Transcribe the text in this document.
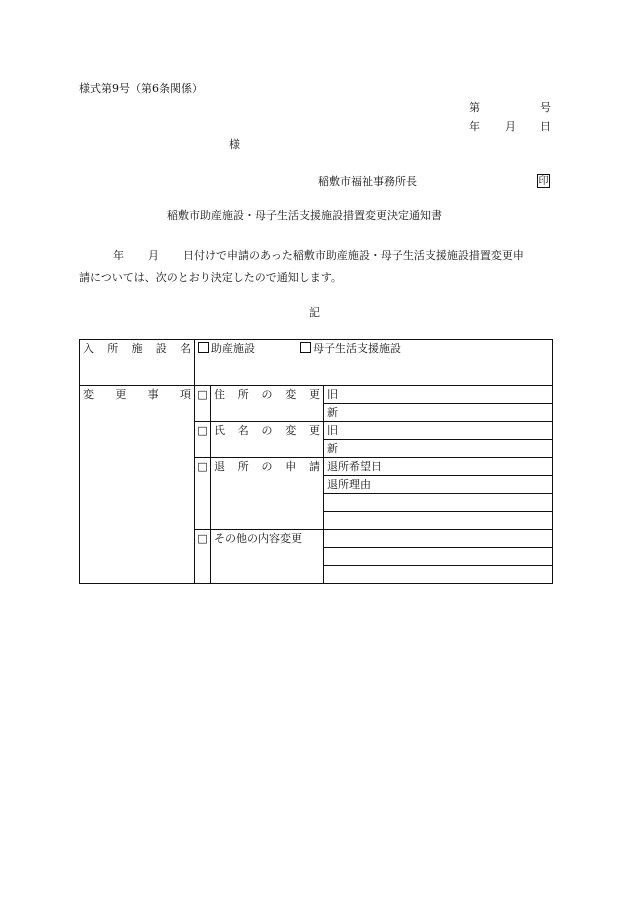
様式第9号（第6条関係）
第	号
年 月 日
様
稲敷市福祉事務所長	印
稲敷市助産施設・母子生活支援施設措置変更決定通知書
年 月 日付けで申請のあった稲敷市助産施設・母子生活支援施設措置変更申
請については、次のとおり決定したので通知します。
記
入 所 施 設 名	助産施設 母子生活支援施設		

変 更 事 項	□	住 所 の 変 更	旧
			新
	□	氏 名 の 変 更	旧
			新
	□	退 所 の 申 請	退所希望日
			退所理由

	□	その他の内容変更	
